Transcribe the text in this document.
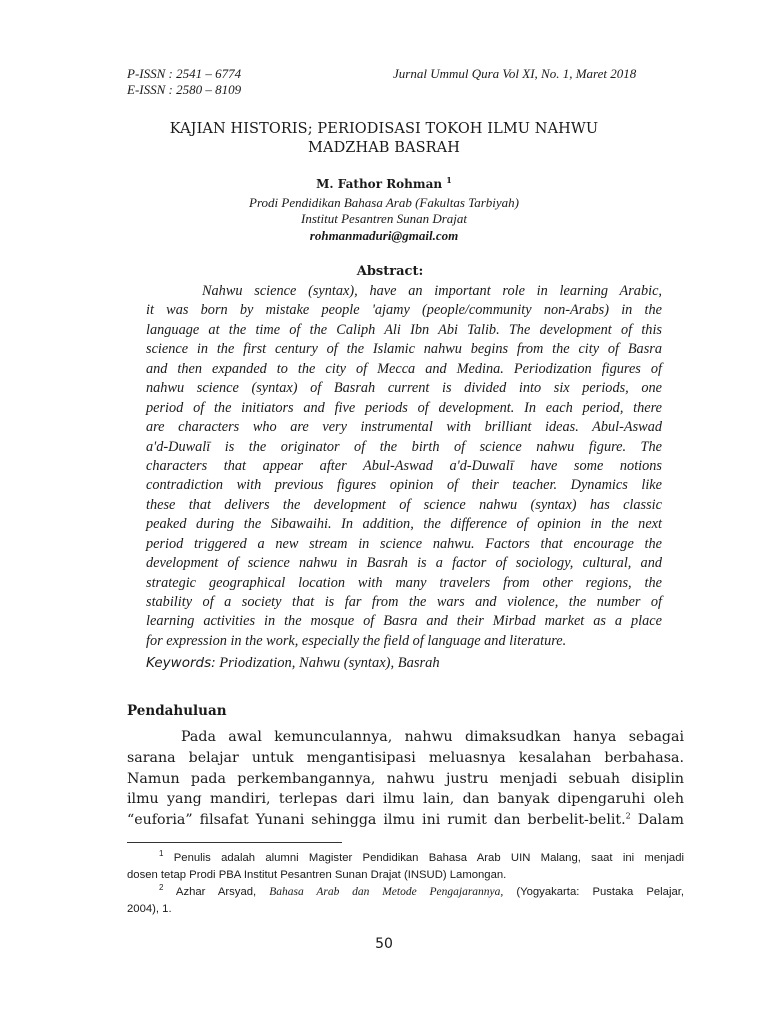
P-ISSN : 2541 – 6774
E-ISSN : 2580 – 8109
Jurnal Ummul Qura Vol XI, No. 1, Maret 2018
KAJIAN HISTORIS; PERIODISASI TOKOH ILMU NAHWU
MADZHAB BASRAH
M. Fathor Rohman $^1$
Prodi Pendidikan Bahasa Arab (Fakultas Tarbiyah)
Institut Pesantren Sunan Drajat
rohmanmaduri@gmail.com
Abstract:
Nahwu science (syntax), have an important role in learning Arabic,
it was born by mistake people 'ajamy (people/community non-Arabs) in the
language at the time of the Caliph Ali Ibn Abi Talib. The development of this
science in the first century of the Islamic nahwu begins from the city of Basra
and then expanded to the city of Mecca and Medina. Periodization figures of
nahwu science (syntax) of Basrah current is divided into six periods, one
period of the initiators and five periods of development. In each period, there
are characters who are very instrumental with brilliant ideas. Abul-Aswad
a'd-Duwalī is the originator of the birth of science nahwu figure. The
characters that appear after Abul-Aswad a'd-Duwalī have some notions
contradiction with previous figures opinion of their teacher. Dynamics like
these that delivers the development of science nahwu (syntax) has classic
peaked during the Sibawaihi. In addition, the difference of opinion in the next
period triggered a new stream in science nahwu. Factors that encourage the
development of science nahwu in Basrah is a factor of sociology, cultural, and
strategic geographical location with many travelers from other regions, the
stability of a society that is far from the wars and violence, the number of
learning activities in the mosque of Basra and their Mirbad market as a place
for expression in the work, especially the field of language and literature.
Keywords: Priodization, Nahwu (syntax), Basrah
Pendahuluan
Pada awal kemunculannya, nahwu dimaksudkan hanya sebagai
sarana belajar untuk mengantisipasi meluasnya kesalahan berbahasa.
Namun pada perkembangannya, nahwu justru menjadi sebuah disiplin
ilmu yang mandiri, terlepas dari ilmu lain, dan banyak dipengaruhi oleh
“euforia” filsafat Yunani sehingga ilmu ini rumit dan berbelit-belit.$^2$ Dalam
$^1$ Penulis adalah alumni Magister Pendidikan Bahasa Arab UIN Malang, saat ini menjadi
dosen tetap Prodi PBA Institut Pesantren Sunan Drajat (INSUD) Lamongan.
$^2$ Azhar Arsyad, Bahasa Arab dan Metode Pengajarannya, (Yogyakarta: Pustaka Pelajar,
2004), 1.
50
